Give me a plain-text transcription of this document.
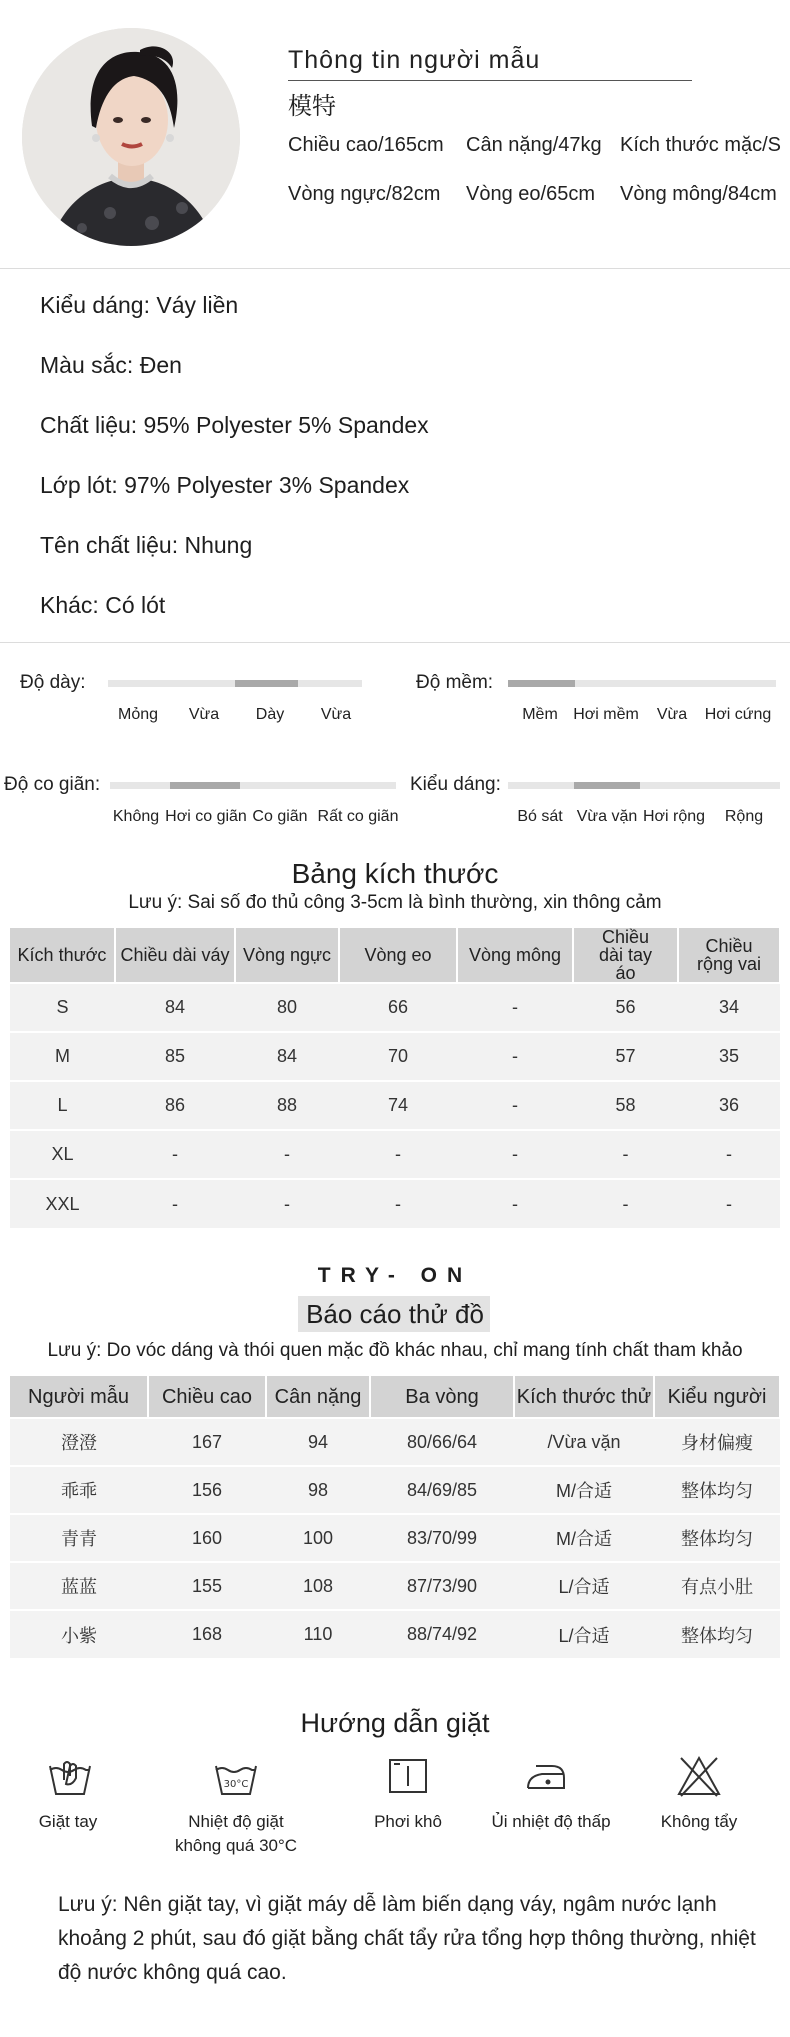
Thông tin người mẫu
模特
Chiều cao/165cm Cân nặng/47kg Kích thước mặc/S
Vòng ngực/82cm Vòng eo/65cm Vòng mông/84cm
Kiểu dáng: Váy liền
Màu sắc: Đen
Chất liệu: 95% Polyester 5% Spandex
Lớp lót: 97% Polyester 3% Spandex
Tên chất liệu: Nhung
Khác: Có lót
Độ dày:
Mỏng Vừa Dày Vừa
Độ mềm:
Mềm Hơi mềm Vừa Hơi cứng
Độ co giãn:
Không Hơi co giãn Co giãn Rất co giãn
Kiểu dáng:
Bó sát Vừa vặn Hơi rộng Rộng
Bảng kích thước
Lưu ý: Sai số đo thủ công 3-5cm là bình thường, xin thông cảm
Kích thước	Chiều dài váy	Vòng ngực	Vòng eo	Vòng mông	Chiều dài tay áo	Chiều rộng vai
S	84	80	66	-	56	34
M	85	84	70	-	57	35
L	86	88	74	-	58	36
XL	-	-	-	-	-	-
XXL	-	-	-	-	-	-
TRY- ON
Báo cáo thử đồ
Lưu ý: Do vóc dáng và thói quen mặc đồ khác nhau, chỉ mang tính chất tham khảo
Người mẫu	Chiều cao	Cân nặng	Ba vòng	Kích thước thử	Kiểu người
澄澄	167	94	80/66/64	/Vừa vặn	身材偏瘦
乖乖	156	98	84/69/85	M/合适	整体均匀
青青	160	100	83/70/99	M/合适	整体均匀
蓝蓝	155	108	87/73/90	L/合适	有点小肚
小紫	168	110	88/74/92	L/合适	整体均匀
Hướng dẫn giặt
30°C
Giặt tay	Nhiệt độ giặt không quá 30°C
Phơi khô	Ủi nhiệt độ thấp	Không tẩy
Lưu ý: Nên giặt tay, vì giặt máy dễ làm biến dạng váy, ngâm nước lạnh khoảng 2 phút, sau đó giặt bằng chất tẩy rửa tổng hợp thông thường, nhiệt độ nước không quá cao.
